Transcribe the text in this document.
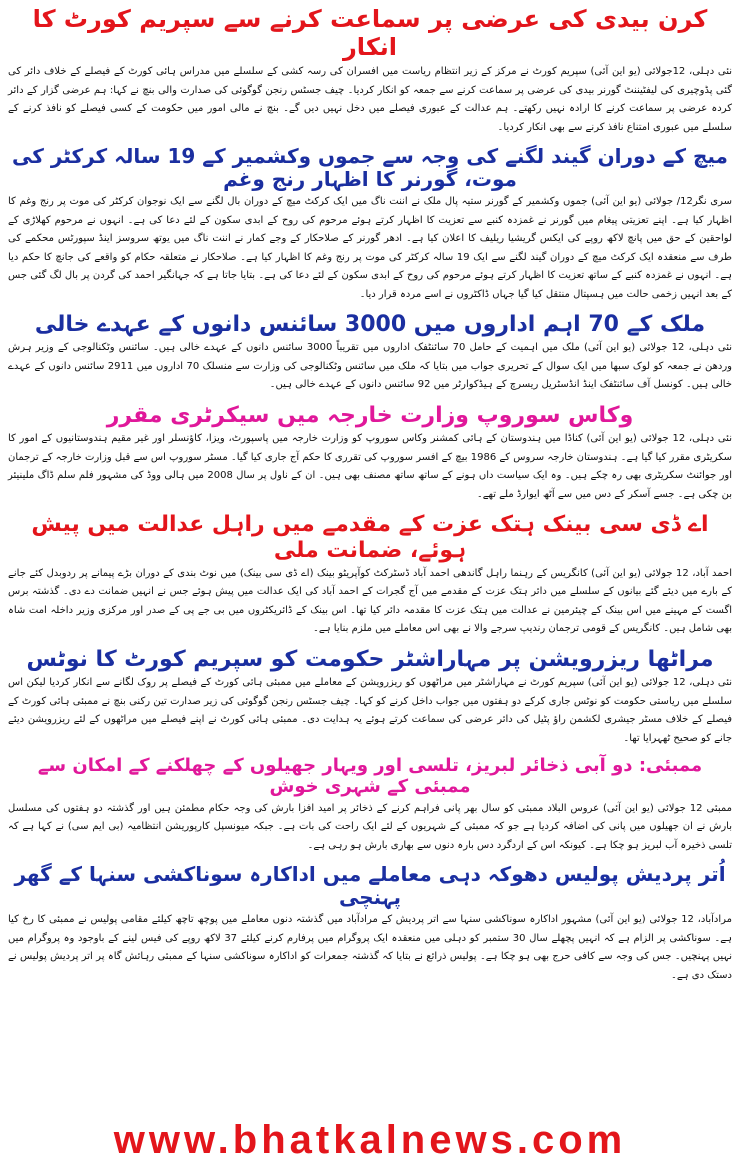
کرن بیدی کی عرضی پر سماعت کرنے سے سپریم کورٹ کا انکار

نئی دہلی، 12جولائی (یو این آئی) سپریم کورٹ نے مرکز کے زیر انتظام ریاست میں افسران کی رسہ کشی کے سلسلے میں مدراس ہائی کورٹ کے فیصلے کے خلاف دائر کی گئی پڈوچیری کی لیفٹیننٹ گورنر بیدی کی عرضی پر سماعت کرنے سے جمعہ کو انکار کردیا۔ چیف جسٹس رنجن گوگوئی کی صدارت والی بنچ نے کہا: ہم عرضی گزار کے دائر کردہ عرضی پر سماعت کرنے کا ارادہ نہیں رکھتے۔ ہم عدالت کے عبوری فیصلے میں دخل نہیں دیں گے۔ بنچ نے مالی امور میں حکومت کے کسی فیصلے کو نافذ کرنے کے سلسلے میں عبوری امتناع نافذ کرنے سے بھی انکار کردیا۔

میچ کے دوران گیند لگنے کی وجہ سے جموں وکشمیر کے 19 سالہ کرکٹر کی موت، گورنر کا اظہار رنج وغم

سری نگر12/ جولائی (یو این آئی) جموں وکشمیر کے گورنر ستیہ پال ملک نے اننت ناگ میں ایک کرکٹ میچ کے دوران بال لگنے سے ایک نوجوان کرکٹر کی موت پر رنج وغم کا اظہار کیا ہے۔ اپنے تعزیتی پیغام میں گورنر نے غمزدہ کنبے سے تعزیت کا اظہار کرتے ہوئے مرحوم کی روح کے ابدی سکون کے لئے دعا کی ہے۔ انہوں نے مرحوم کھلاڑی کے لواحقین کے حق میں پانچ لاکھ روپے کی ایکس گریشیا ریلیف کا اعلان کیا ہے۔ ادھر گورنر کے صلاحکار کے وجے کمار نے اننت ناگ میں یوتھ سروسز اینڈ سپورٹس محکمے کی طرف سے منعقدہ ایک کرکٹ میچ کے دوران گیند لگنے سے ایک 19 سالہ کرکٹر کی موت پر رنج وغم کا اظہار کیا ہے۔ صلاحکار نے متعلقہ حکام کو واقعے کی جانچ کا حکم دیا ہے۔ انہوں نے غمزدہ کنبے کے ساتھ تعزیت کا اظہار کرتے ہوئے مرحوم کی روح کے ابدی سکون کے لئے دعا کی ہے۔ بتایا جاتا ہے کہ جہانگیر احمد کی گردن پر بال لگ گئی جس کے بعد انہیں زخمی حالت میں ہسپتال منتقل کیا گیا جہاں ڈاکٹروں نے اسے مردہ قرار دیا۔

ملک کے 70 اہم اداروں میں 3000 سائنس دانوں کے عہدے خالی

نئی دہلی، 12 جولائی (یو این آئی) ملک میں اہمیت کے حامل 70 سائنٹفک اداروں میں تقریباً 3000 سائنس دانوں کے عہدے خالی ہیں۔ سائنس وٹکنالوجی کے وزیر ہرش وردھن نے جمعہ کو لوک سبھا میں ایک سوال کے تحریری جواب میں بتایا کہ ملک میں سائنس وٹکنالوجی کی وزارت سے منسلک 70 اداروں میں 2911 سائنس دانوں کے عہدے خالی ہیں۔ کونسل آف سائنٹفک اینڈ انڈسٹریل ریسرچ کے ہیڈکوارٹر میں 92 سائنس دانوں کے عہدے خالی ہیں۔

وکاس سوروپ وزارت خارجہ میں سیکرٹری مقرر

نئی دہلی، 12 جولائی (یو این آئی) کناڈا میں ہندوستان کے ہائی کمشنر وکاس سوروپ کو وزارت خارجہ میں پاسپورٹ، ویزا، کاؤنسلر اور غیر مقیم ہندوستانیوں کے امور کا سکریٹری مقرر کیا گیا ہے۔ ہندوستان خارجہ سروس کے 1986 بیچ کے افسر سوروپ کی تقرری کا حکم آج جاری کیا گیا۔ مسٹر سوروپ اس سے قبل وزارت خارجہ کے ترجمان اور جوائنٹ سکریٹری بھی رہ چکے ہیں۔ وہ ایک سیاست داں ہونے کے ساتھ ساتھ مصنف بھی ہیں۔ ان کے ناول پر سال 2008 میں ہالی ووڈ کی مشہور فلم سلم ڈاگ ملینیئر بن چکی ہے۔ جسے آسکر کے دس میں سے آٹھ ایوارڈ ملے تھے۔

اے ڈی سی بینک ہتک عزت کے مقدمے میں راہل عدالت میں پیش ہوئے، ضمانت ملی

احمد آباد، 12 جولائی (یو این آئی) کانگریس کے رہنما راہل گاندھی احمد آباد ڈسٹرکٹ کوآپریٹو بینک (اے ڈی سی بینک) میں نوٹ بندی کے دوران بڑے پیمانے پر ردوبدل کئے جانے کے بارے میں دیئے گئے بیانوں کے سلسلے میں دائر ہتک عزت کے مقدمے میں آج گجرات کے احمد آباد کی ایک عدالت میں پیش ہوئے جس نے انہیں ضمانت دے دی۔ گذشتہ برس اگست کے مہینے میں اس بینک کے چیئرمین نے عدالت میں ہتک عزت کا مقدمہ دائر کیا تھا۔ اس بینک کے ڈائریکٹروں میں بی جے پی کے صدر اور مرکزی وزیر داخلہ امت شاہ بھی شامل ہیں۔ کانگریس کے قومی ترجمان رندیپ سرجے والا نے بھی اس معاملے میں ملزم بنایا ہے۔

مراٹھا ریزرویشن پر مہاراشٹر حکومت کو سپریم کورٹ کا نوٹس

نئی دہلی، 12 جولائی (یو این آئی) سپریم کورٹ نے مہاراشٹر میں مراٹھوں کو ریزرویشن کے معاملے میں ممبئی ہائی کورٹ کے فیصلے پر روک لگانے سے انکار کردیا لیکن اس سلسلے میں ریاستی حکومت کو نوٹس جاری کرکے دو ہفتوں میں جواب داخل کرنے کو کہا۔ چیف جسٹس رنجن گوگوئی کی زیر صدارت تین رکنی بنچ نے ممبئی ہائی کورٹ کے فیصلے کے خلاف مسٹر جیشری لکشمن راؤ پٹیل کی دائر عرضی کی سماعت کرتے ہوئے یہ ہدایت دی۔ ممبئی ہائی کورٹ نے اپنے فیصلے میں مراٹھوں کے لئے ریزرویشن دیئے جانے کو صحیح ٹھہرایا تھا۔

ممبئی: دو آبی ذخائر لبریز، تلسی اور ویہار جھیلوں کے چھلکنے کے امکان سے ممبئی کے شہری خوش

ممبئی 12 جولائی (یو این آئی) عروس البلاد ممبئی کو سال بھر پانی فراہم کرنے کے ذخائر پر امید افزا بارش کی وجہ حکام مطمئن ہیں اور گذشتہ دو ہفتوں کی مسلسل بارش نے ان جھیلوں میں پانی کی اضافہ کردیا ہے جو کہ ممبئی کے شہریوں کے لئے ایک راحت کی بات ہے۔ جبکہ میونسپل کارپوریشن انتظامیہ (بی ایم سی) نے کہا ہے کہ تلسی ذخیرہ آب لبریز ہو چکا ہے۔ کیونکہ اس کے اردگرد دس بارہ دنوں سے بھاری بارش ہو رہی ہے۔

اُتر پردیش پولیس دھوکہ دہی معاملے میں اداکارہ سوناکشی سنہا کے گھر پہنچی

مرادآباد، 12 جولائی (یو این آئی) مشہور اداکارہ سوناکشی سنہا سے اتر پردیش کے مرادآباد میں گذشتہ دنوں معاملے میں پوچھ تاچھ کیلئے مقامی پولیس نے ممبئی کا رخ کیا ہے۔ سوناکشی پر الزام ہے کہ انہیں پچھلے سال 30 ستمبر کو دہلی میں منعقدہ ایک پروگرام میں پرفارم کرنے کیلئے 37 لاکھ روپے کی فیس لینے کے باوجود وہ پروگرام میں نہیں پہنچیں۔ جس کی وجہ سے کافی حرج بھی ہو چکا ہے۔ پولیس ذرائع نے بتایا کہ گذشتہ جمعرات کو اداکارہ سوناکشی سنہا کے ممبئی رہائش گاہ پر اتر پردیش پولیس نے دستک دی ہے۔

www.bhatkalnews.com
